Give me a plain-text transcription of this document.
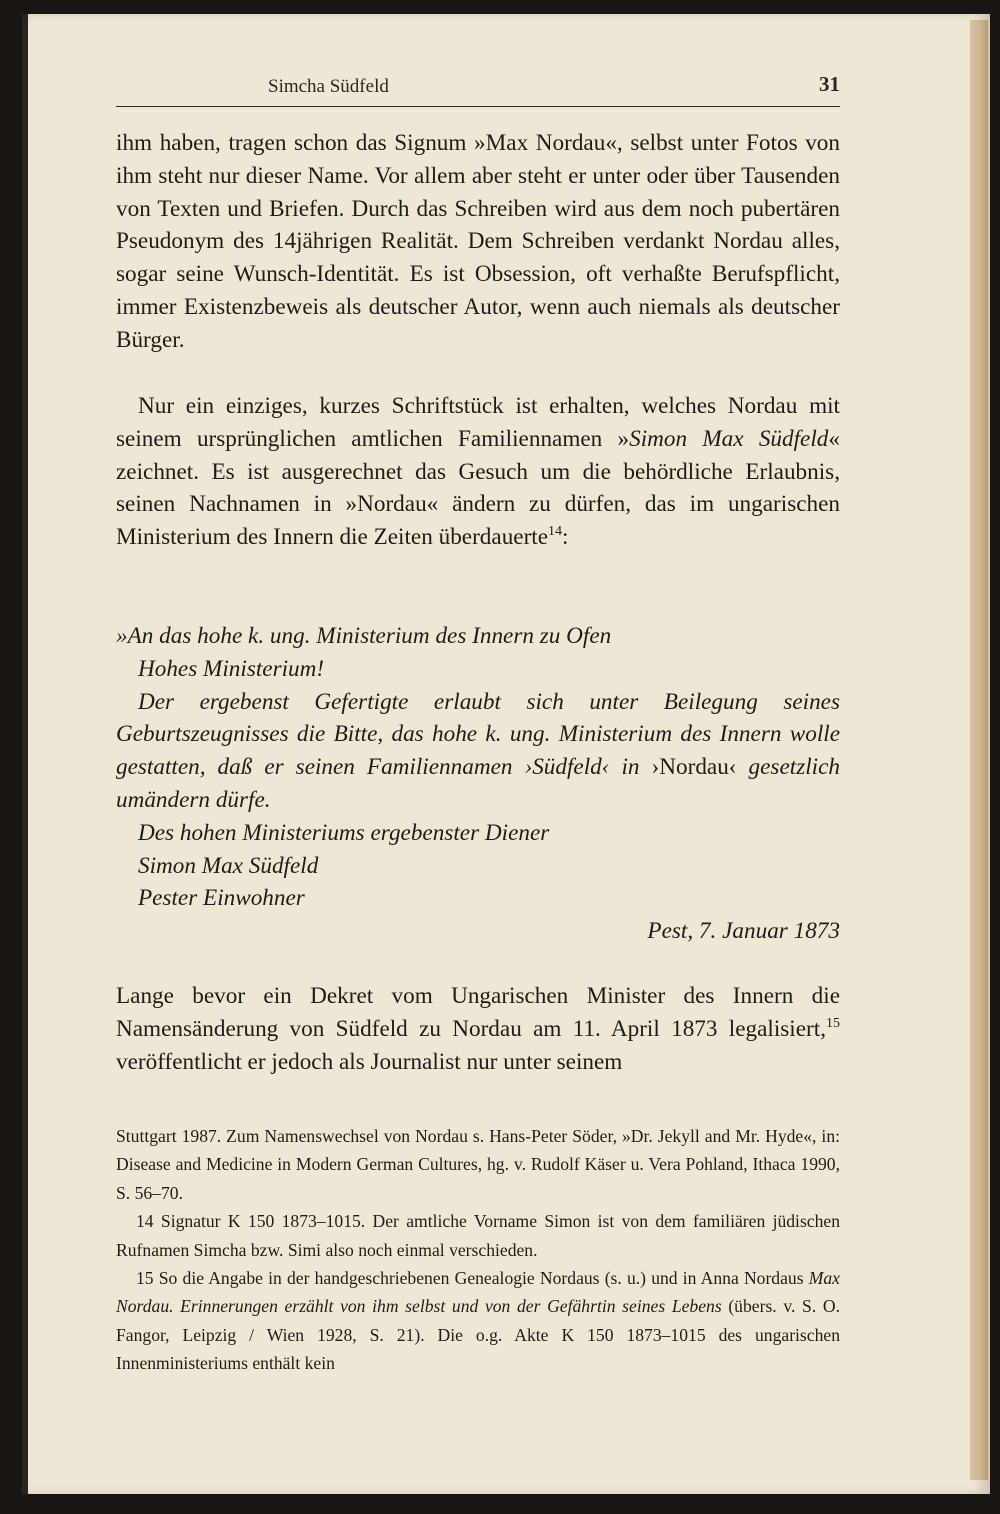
Simcha Südfeld	31

ihm haben, tragen schon das Signum »Max Nordau«, selbst unter Fotos von ihm steht nur dieser Name. Vor allem aber steht er unter oder über Tausenden von Texten und Briefen. Durch das Schreiben wird aus dem noch pubertären Pseudonym des 14jährigen Realität. Dem Schreiben verdankt Nordau alles, sogar seine Wunsch-Identität. Es ist Obsession, oft verhaßte Berufspflicht, immer Existenzbeweis als deutscher Autor, wenn auch niemals als deutscher Bürger.

Nur ein einziges, kurzes Schriftstück ist erhalten, welches Nordau mit seinem ursprünglichen amtlichen Familiennamen »Simon Max Südfeld« zeichnet. Es ist ausgerechnet das Gesuch um die behördliche Erlaubnis, seinen Nachnamen in »Nordau« ändern zu dürfen, das im ungarischen Ministerium des Innern die Zeiten überdauerte$^{14}$:

»An das hohe k. ung. Ministerium des Innern zu Ofen
Hohes Ministerium!

Der ergebenst Gefertigte erlaubt sich unter Beilegung seines Geburtszeugnisses die Bitte, das hohe k. ung. Ministerium des Innern wolle gestatten, daß er seinen Familiennamen ›Südfeld‹ in ›Nordau‹ gesetzlich umändern dürfe.

Des hohen Ministeriums ergebenster Diener
Simon Max Südfeld
Pester Einwohner
Pest, 7. Januar 1873

Lange bevor ein Dekret vom Ungarischen Minister des Innern die Namensänderung von Südfeld zu Nordau am 11. April 1873 legalisiert,$^{15}$ veröffentlicht er jedoch als Journalist nur unter seinem

Stuttgart 1987. Zum Namenswechsel von Nordau s. Hans-Peter Söder, »Dr. Jekyll and Mr. Hyde«, in: Disease and Medicine in Modern German Cultures, hg. v. Rudolf Käser u. Vera Pohland, Ithaca 1990, S. 56–70.

14 Signatur K 150 1873–1015. Der amtliche Vorname Simon ist von dem familiären jüdischen Rufnamen Simcha bzw. Simi also noch einmal verschieden.

15 So die Angabe in der handgeschriebenen Genealogie Nordaus (s. u.) und in Anna Nordaus Max Nordau. Erinnerungen erzählt von ihm selbst und von der Gefährtin seines Lebens (übers. v. S. O. Fangor, Leipzig / Wien 1928, S. 21). Die o.g. Akte K 150 1873–1015 des ungarischen Innenministeriums enthält kein
